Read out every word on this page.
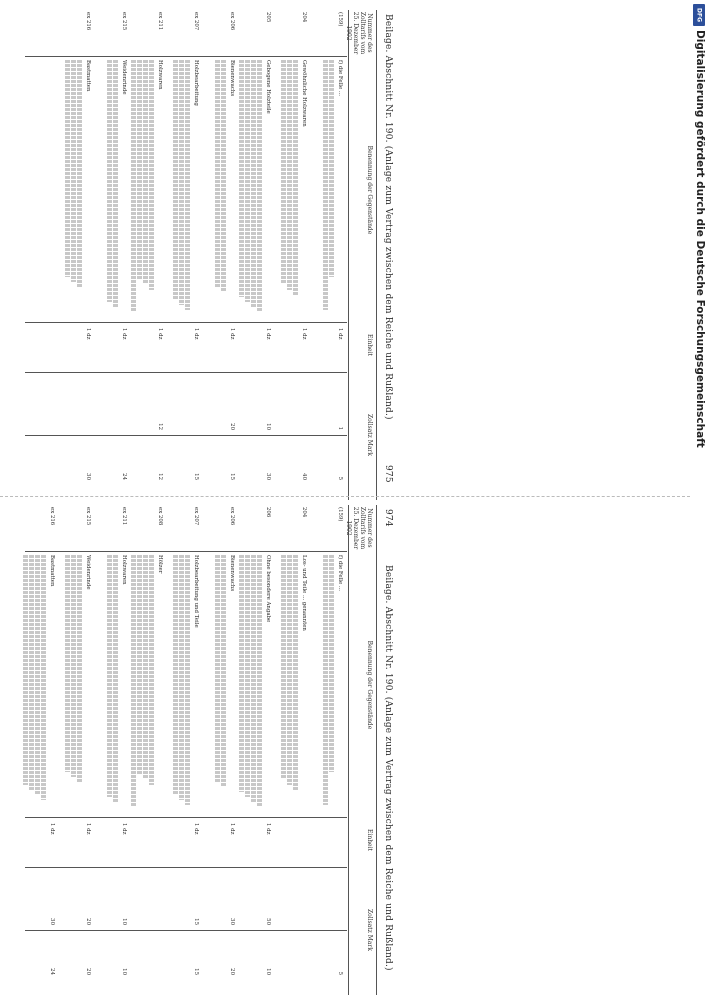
974
Beilage. Abschnitt Nr. 190. (Anlage zum Vertrag zwischen dem Reiche und Rußland.)
Nummer des Zolltarifs vom 25. Dezember 1902
Benennung der Gegenstände
Einheit
Zollsatz Mark
(159)
f) die Felle ...
5
204
Los- und Teile ... genannten
206
Ohne besondere Angabe
1 dz
50
10
ex 206
Bienenwachs
1 dz
30
20
ex 207
Holzbearbeitung und Teile
1 dz
15
15
ex 208
Hölzer
ex 211
Holzwaren
1 dz
10
10
ex 215
Weidenrinde
1 dz
20
20
ex 216
Bastmatten
1 dz
30
24
Beilage. Abschnitt Nr. 190. (Anlage zum Vertrag zwischen dem Reiche und Rußland.)
975
Nummer des Zolltarifs vom 25. Dezember 1902
Benennung der Gegenstände
Einheit
Zollsatz Mark
(159)
f) die Felle ...
1 dz
1
5
204
Gewöhnliche Holzwaren
1 dz
40
205
Gebogene Holzteile
1 dz
10
30
ex 206
Bienenwachs
1 dz
20
15
ex 207
Holzbearbeitung
1 dz
15
ex 211
Holzwaren
1 dz
12
12
ex 215
Weidenrinde
1 dz
24
ex 216
Bastmatten
1 dz
30
DFG
Digitalisierung gefördert durch die Deutsche Forschungsgemeinschaft
